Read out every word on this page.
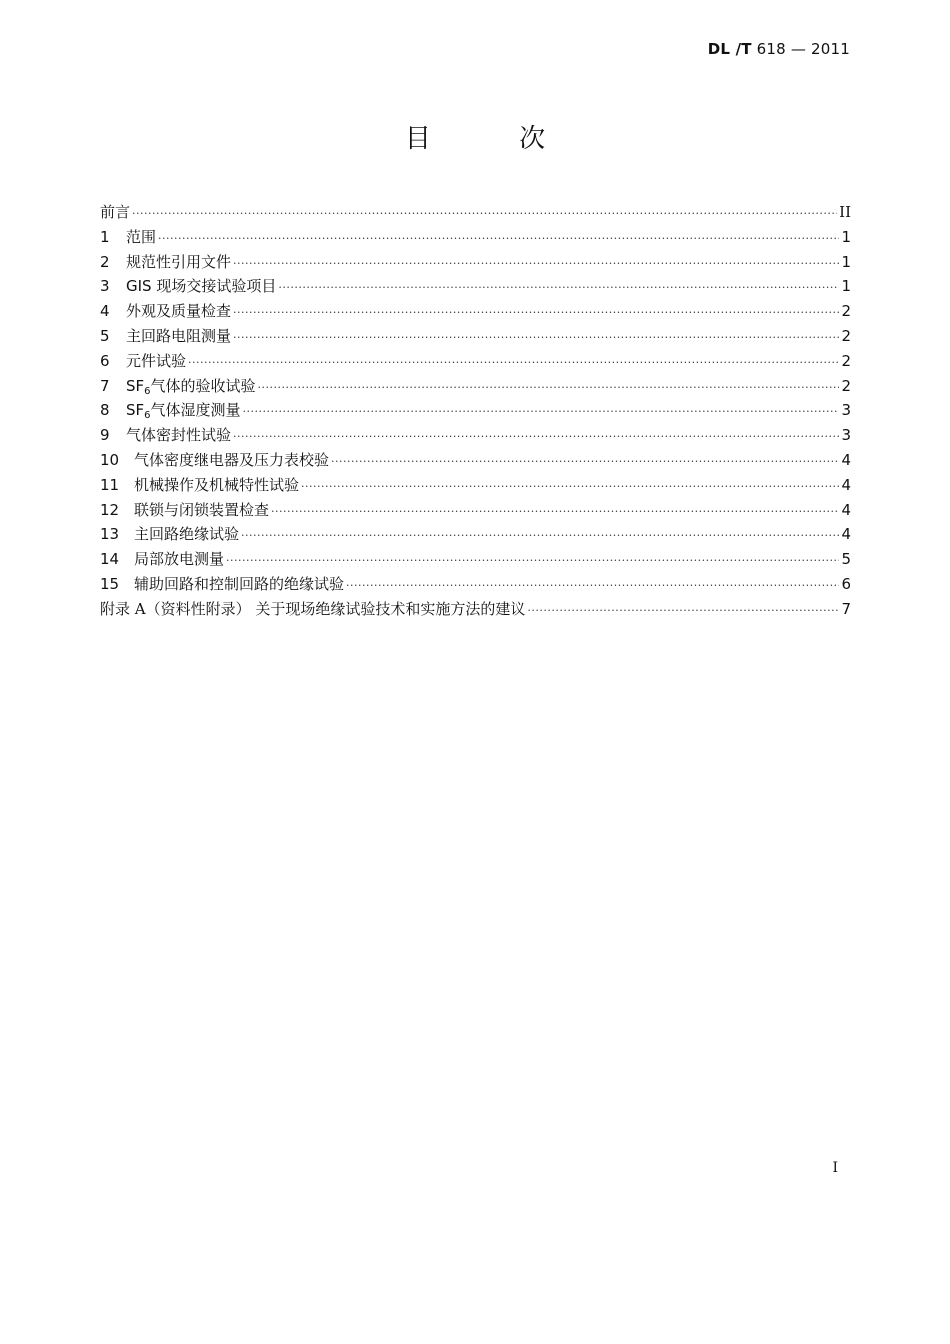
DL /T 618 — 2011
目 次
前言 ·····	II
1	范围 ·····	1
2	规范性引用文件 ·····	1
3	GIS 现场交接试验项目 ·····	1
4	外观及质量检查 ·····	2
5	主回路电阻测量 ·····	2
6	元件试验 ·····	2
7	$SF_6$气体的验收试验 ·····	2
8	$SF_6$气体湿度测量 ·····	3
9	气体密封性试验 ·····	3
10 气体密度继电器及压力表校验 ·····	4
11 机械操作及机械特性试验 ·····	4
12 联锁与闭锁装置检查 ·····	4
13 主回路绝缘试验 ·····	4
14 局部放电测量 ·····	5
15 辅助回路和控制回路的绝缘试验 ·····	6
附录 A（资料性附录） 关于现场绝缘试验技术和实施方法的建议 ·····	7
I
